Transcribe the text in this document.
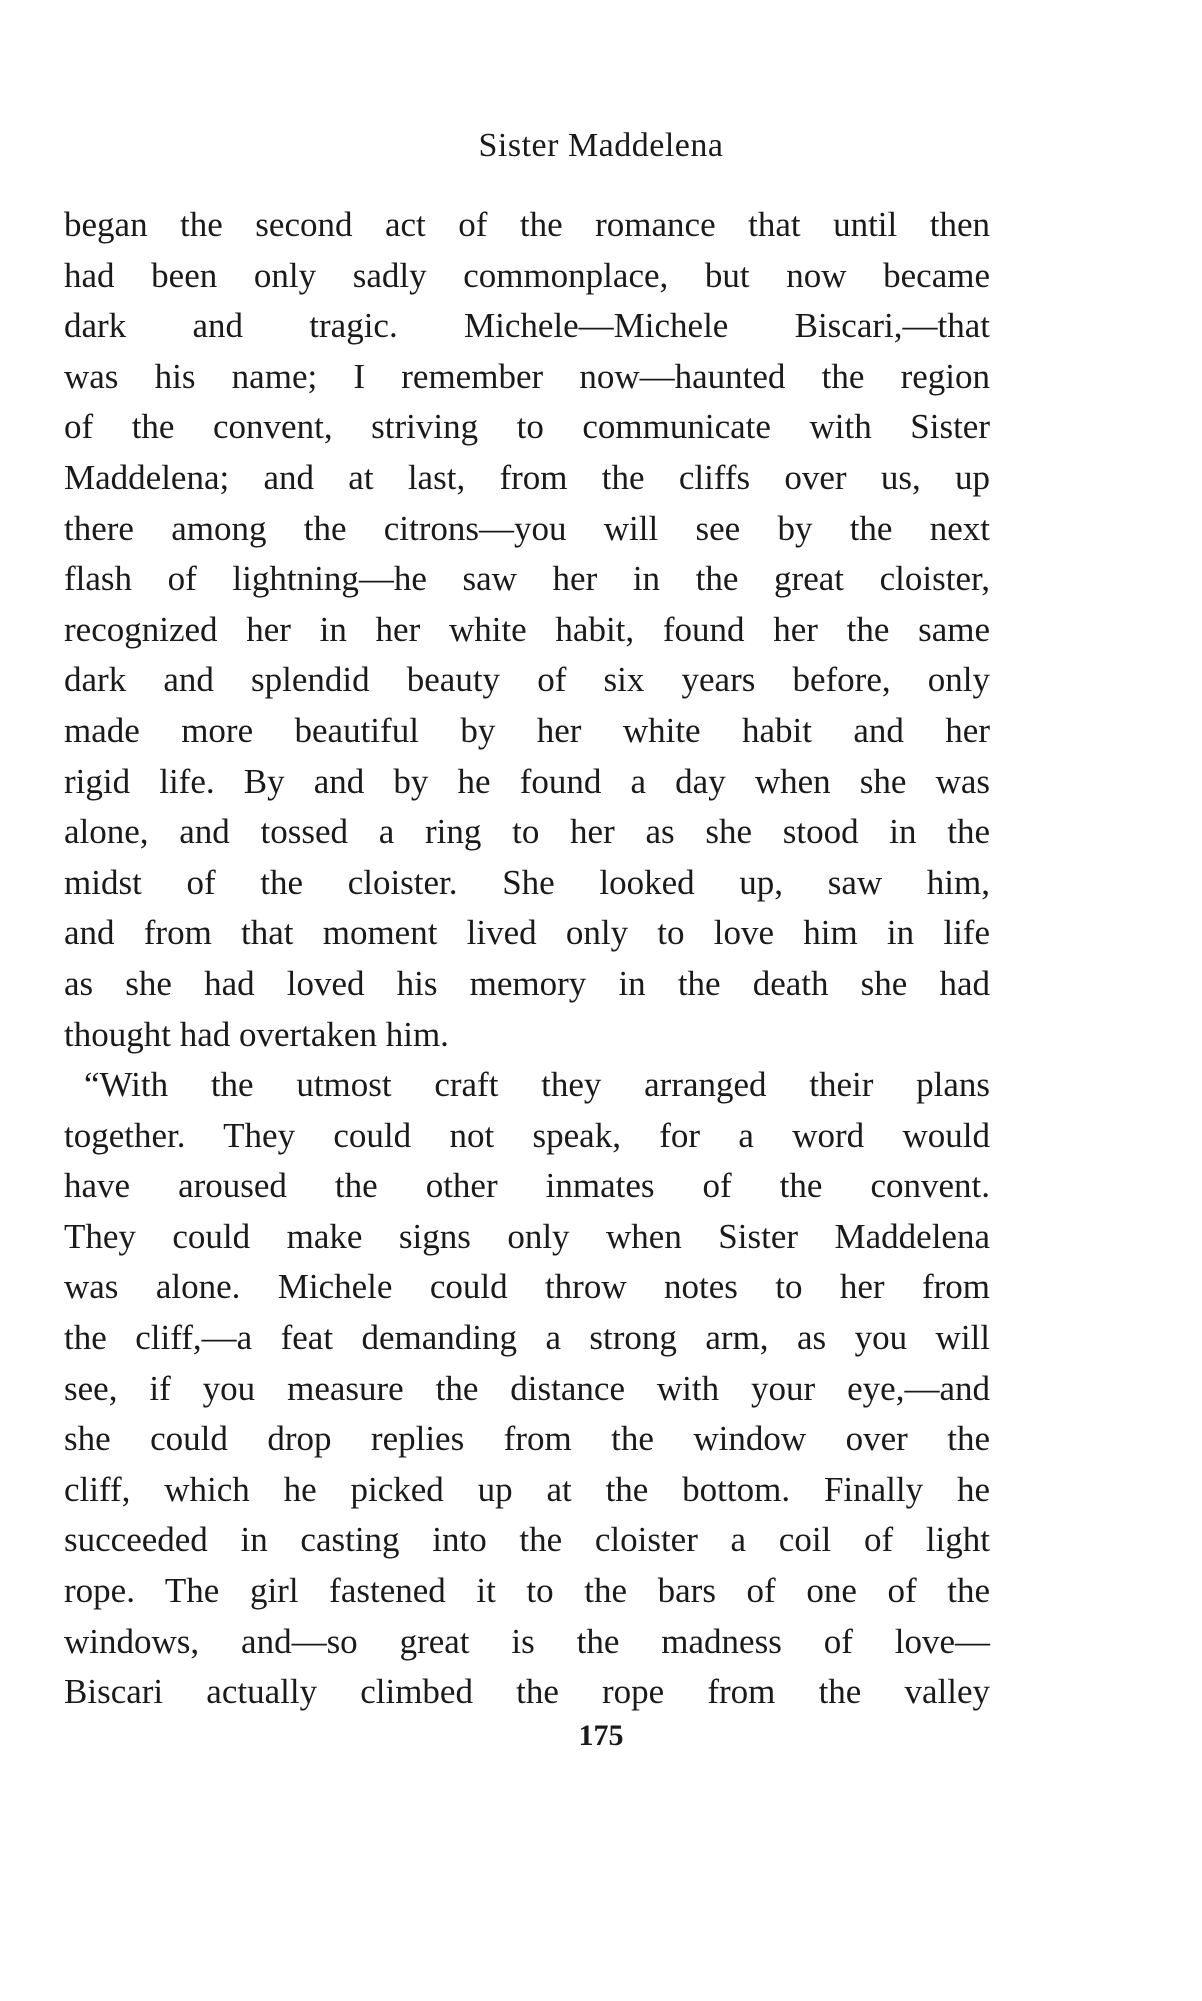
Sister Maddelena
began the second act of the romance that until then
had been only sadly commonplace, but now became
dark and tragic. Michele—Michele Biscari,—that
was his name; I remember now—haunted the region
of the convent, striving to communicate with Sister
Maddelena; and at last, from the cliffs over us, up
there among the citrons—you will see by the next
flash of lightning—he saw her in the great cloister,
recognized her in her white habit, found her the same
dark and splendid beauty of six years before, only
made more beautiful by her white habit and her
rigid life. By and by he found a day when she was
alone, and tossed a ring to her as she stood in the
midst of the cloister. She looked up, saw him,
and from that moment lived only to love him in life
as she had loved his memory in the death she had
thought had overtaken him.
“With the utmost craft they arranged their plans
together. They could not speak, for a word would
have aroused the other inmates of the convent.
They could make signs only when Sister Maddelena
was alone. Michele could throw notes to her from
the cliff,—a feat demanding a strong arm, as you will
see, if you measure the distance with your eye,—and
she could drop replies from the window over the
cliff, which he picked up at the bottom. Finally he
succeeded in casting into the cloister a coil of light
rope. The girl fastened it to the bars of one of the
windows, and—so great is the madness of love—
Biscari actually climbed the rope from the valley
175
